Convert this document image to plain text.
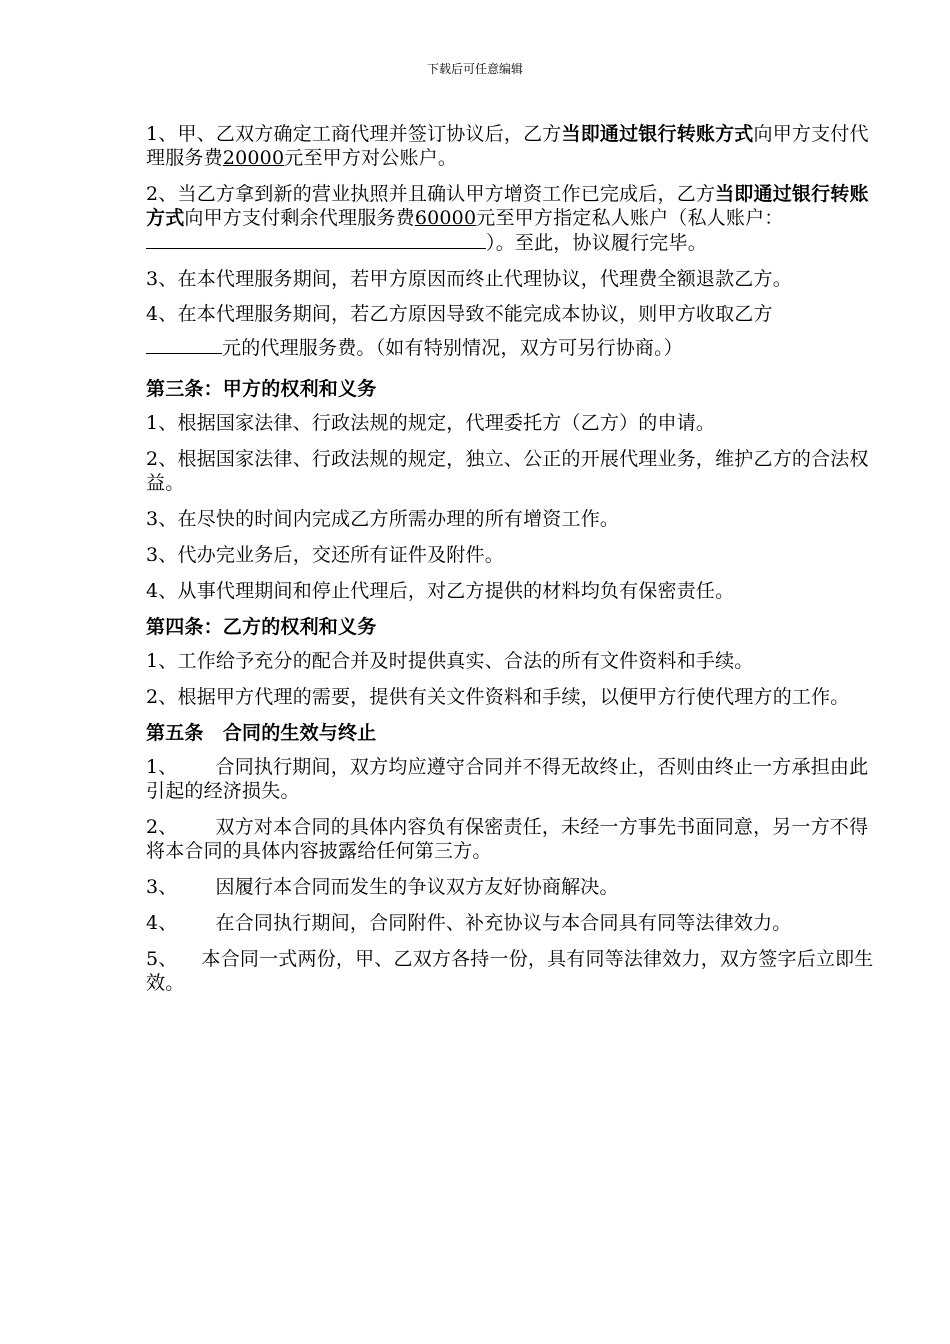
下载后可任意编辑

1、甲、乙双方确定工商代理并签订协议后，乙方当即通过银行转账方式向甲方支付代理服务费20000元至甲方对公账户。

2、当乙方拿到新的营业执照并且确认甲方增资工作已完成后，乙方当即通过银行转账方式向甲方支付剩余代理服务费60000元至甲方指定私人账户（私人账户：）。至此，协议履行完毕。

3、在本代理服务期间，若甲方原因而终止代理协议，代理费全额退款乙方。

4、在本代理服务期间，若乙方原因导致不能完成本协议，则甲方收取乙方
元的代理服务费。（如有特别情况，双方可另行协商。）

第三条：甲方的权利和义务

1、根据国家法律、行政法规的规定，代理委托方（乙方）的申请。

2、根据国家法律、行政法规的规定，独立、公正的开展代理业务，维护乙方的合法权益。

3、在尽快的时间内完成乙方所需办理的所有增资工作。

3、代办完业务后，交还所有证件及附件。

4、从事代理期间和停止代理后，对乙方提供的材料均负有保密责任。

第四条：乙方的权利和义务

1、工作给予充分的配合并及时提供真实、合法的所有文件资料和手续。

2、根据甲方代理的需要，提供有关文件资料和手续，以便甲方行使代理方的工作。

第五条　合同的生效与终止

1、 合同执行期间，双方均应遵守合同并不得无故终止，否则由终止一方承担由此引起的经济损失。

2、 双方对本合同的具体内容负有保密责任，未经一方事先书面同意，另一方不得将本合同的具体内容披露给任何第三方。

3、 因履行本合同而发生的争议双方友好协商解决。

4、 在合同执行期间，合同附件、补充协议与本合同具有同等法律效力。

5、 本合同一式两份，甲、乙双方各持一份，具有同等法律效力，双方签字后立即生效。
